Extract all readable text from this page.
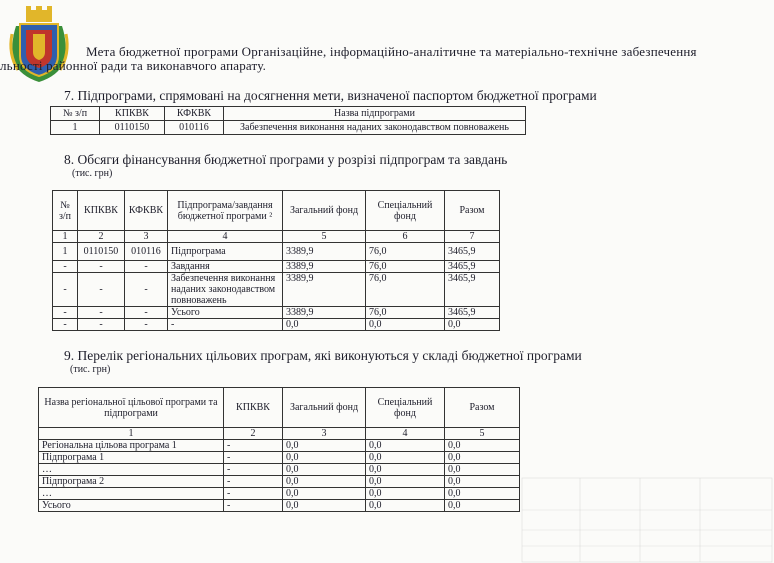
Мета бюджетної програми Організаційне, інформаційно-аналітичне та матеріально-технічне забезпечення
льності районної ради та виконавчого апарату.
7. Підпрограми, спрямовані на досягнення мети, визначеної паспортом бюджетної програми
№ з/п	КПКВК	КФКВК	Назва підпрограми
1	0110150	010116	Забезпечення виконання наданих законодавством повноважень
8. Обсяги фінансування бюджетної програми у розрізі підпрограм та завдань
(тис. грн)
№ з/п	КПКВК	КФКВК	Підпрограма/завдання бюджетної програми ²	Загальний фонд	Спеціальний фонд	Разом
1	2	3	4	5	6	7
1	0110150	010116	Підпрограма	3389,9	76,0	3465,9
-	-	-	Завдання	3389,9	76,0	3465,9
-	-	-	Забезпечення виконання наданих законодавством повноважень	3389,9	76,0	3465,9
-	-	-	Усього	3389,9	76,0	3465,9
-	-	-	-	0,0	0,0	0,0
9. Перелік регіональних цільових програм, які виконуються у складі бюджетної програми
(тис. грн)
Назва регіональної цільової програми та підпрограми	КПКВК	Загальний фонд	Спеціальний фонд	Разом
1	2	3	4	5
Регіональна цільова програма 1	-	0,0	0,0	0,0
Підпрограма 1	-	0,0	0,0	0,0
…	-	0,0	0,0	0,0
Підпрограма 2	-	0,0	0,0	0,0
…	-	0,0	0,0	0,0
Усього	-	0,0	0,0	0,0
